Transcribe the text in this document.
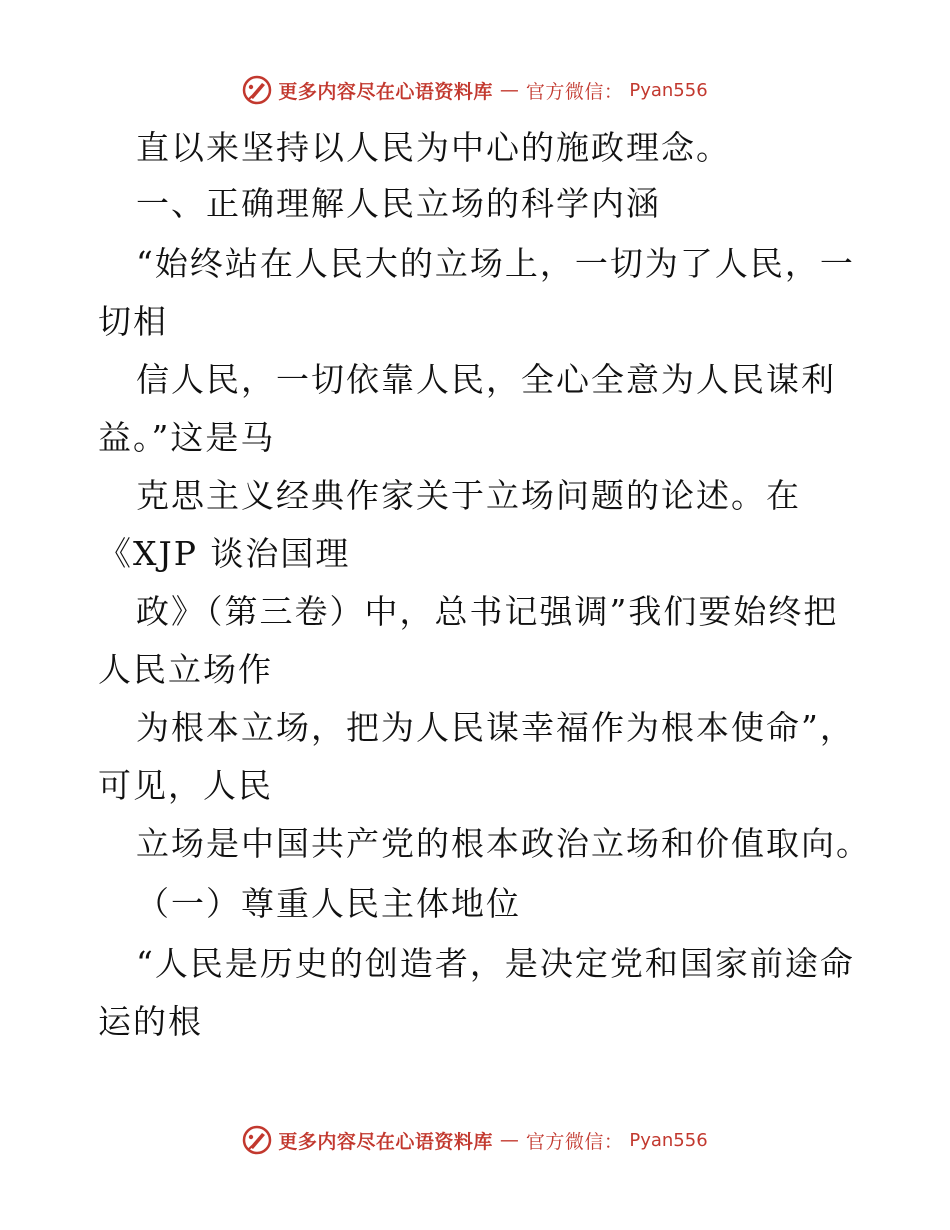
更多内容尽在心语资料库 — 官方微信： Pyan556
直以来坚持以人民为中心的施政理念。
一、正确理解人民立场的科学内涵
“始终站在人民大的立场上，一切为了人民，一
切相
信人民，一切依靠人民，全心全意为人民谋利
益。”这是马
克思主义经典作家关于立场问题的论述。在
《XJP 谈治国理
政》（第三卷）中，总书记强调”我们要始终把
人民立场作
为根本立场，把为人民谋幸福作为根本使命”，
可见，人民
立场是中国共产党的根本政治立场和价值取向。
（一）尊重人民主体地位
“人民是历史的创造者，是决定党和国家前途命
运的根
更多内容尽在心语资料库 — 官方微信： Pyan556
